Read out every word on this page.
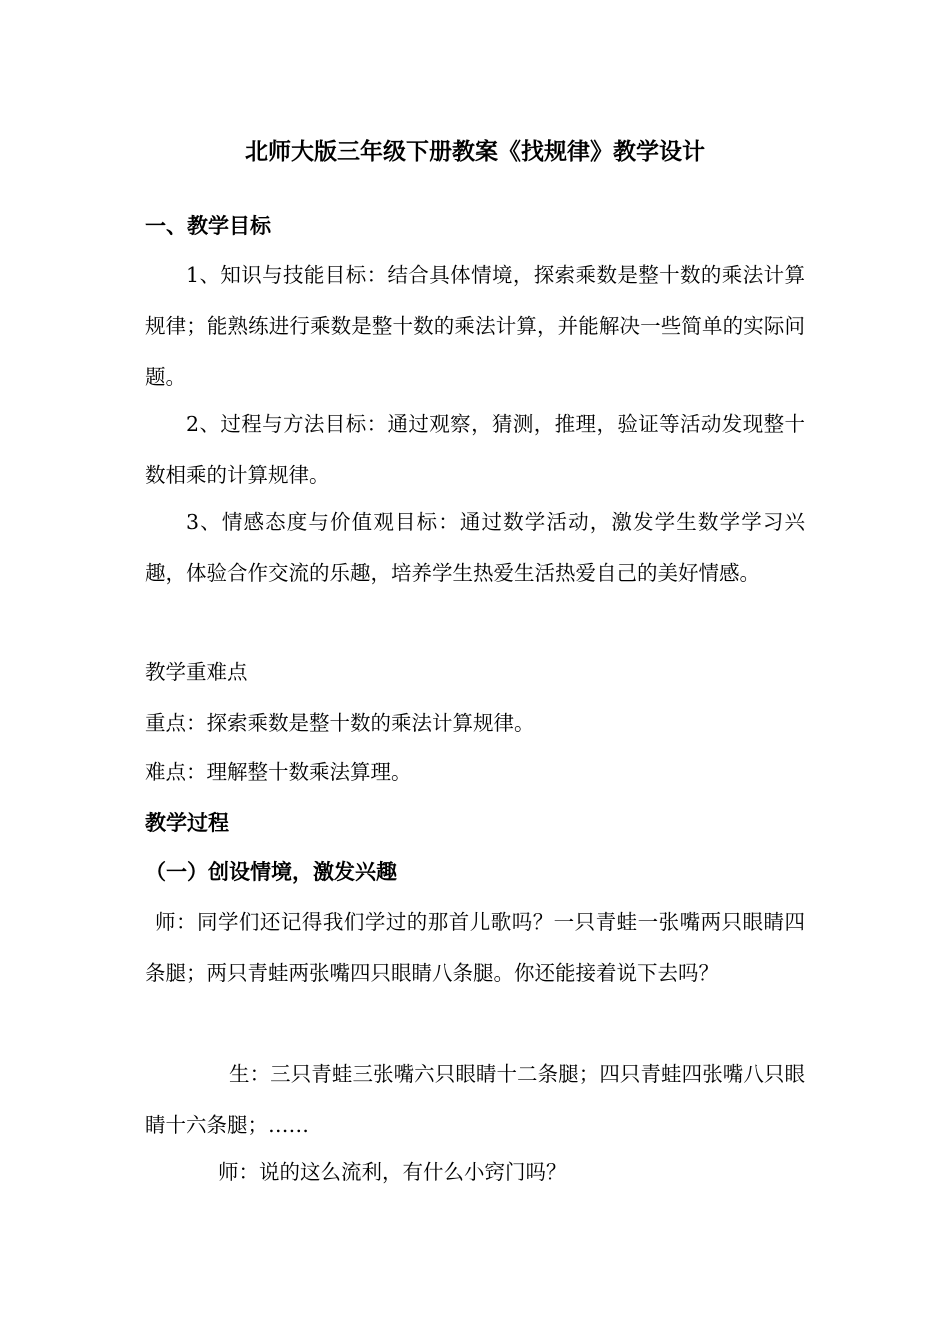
北师大版三年级下册教案《找规律》教学设计
一、教学目标
1、知识与技能目标：结合具体情境，探索乘数是整十数的乘法计算规律；能熟练进行乘数是整十数的乘法计算，并能解决一些简单的实际问题。
2、过程与方法目标：通过观察，猜测，推理，验证等活动发现整十数相乘的计算规律。
3、情感态度与价值观目标：通过数学活动，激发学生数学学习兴趣，体验合作交流的乐趣，培养学生热爱生活热爱自己的美好情感。
教学重难点
重点：探索乘数是整十数的乘法计算规律。
难点：理解整十数乘法算理。
教学过程
（一）创设情境，激发兴趣
师：同学们还记得我们学过的那首儿歌吗？一只青蛙一张嘴两只眼睛四条腿；两只青蛙两张嘴四只眼睛八条腿。你还能接着说下去吗？
生：三只青蛙三张嘴六只眼睛十二条腿；四只青蛙四张嘴八只眼睛十六条腿；……
师：说的这么流利，有什么小窍门吗？
